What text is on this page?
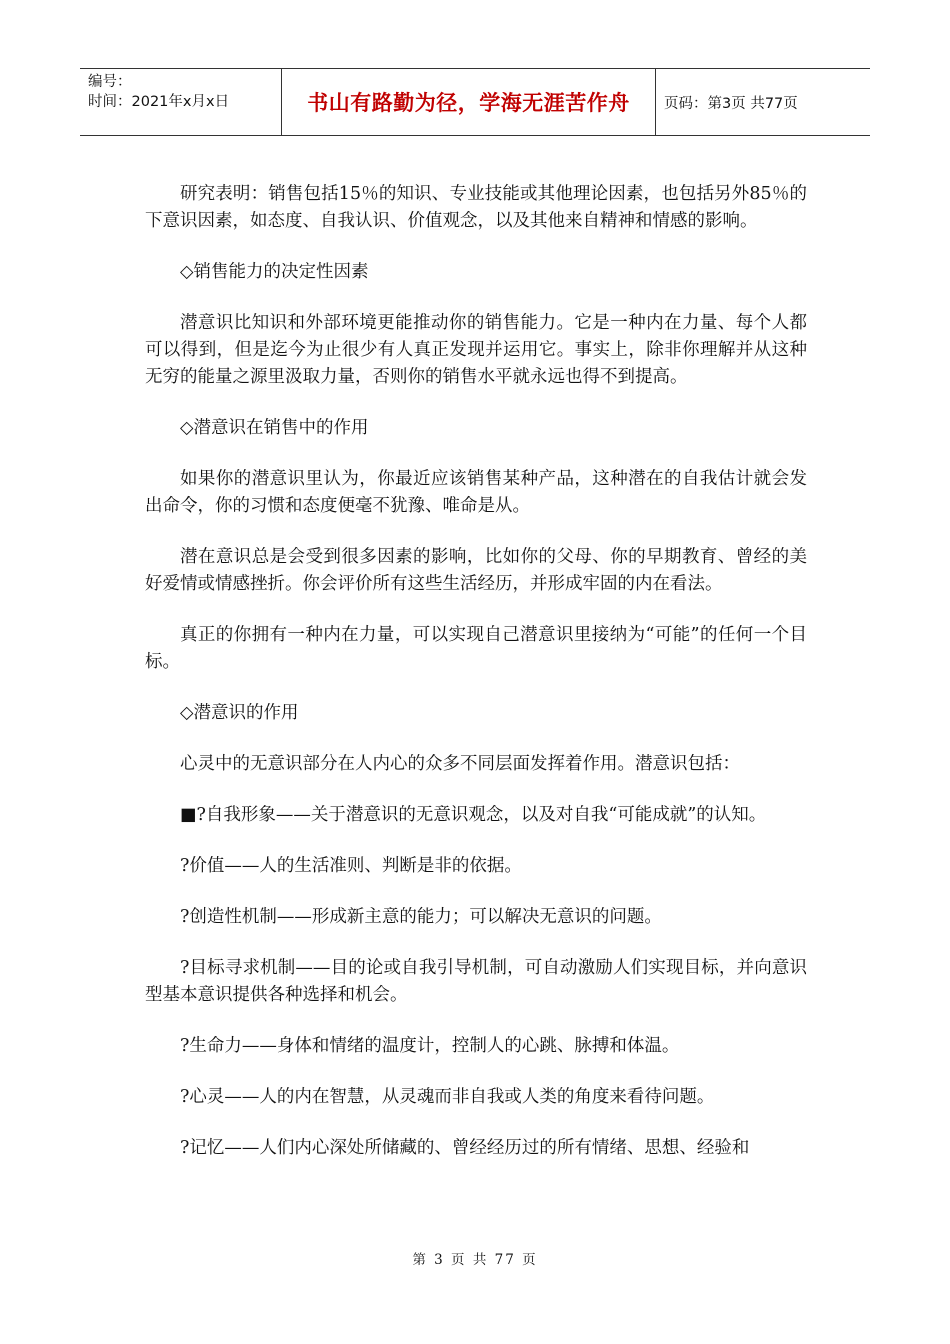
编号：
时间：2021年x月x日	书山有路勤为径，学海无涯苦作舟	页码：第3页 共77页

研究表明：销售包括15％的知识、专业技能或其他理论因素，也包括另外85％的下意识因素，如态度、自我认识、价值观念，以及其他来自精神和情感的影响。

◇销售能力的决定性因素

潜意识比知识和外部环境更能推动你的销售能力。它是一种内在力量、每个人都可以得到，但是迄今为止很少有人真正发现并运用它。事实上，除非你理解并从这种无穷的能量之源里汲取力量，否则你的销售水平就永远也得不到提高。

◇潜意识在销售中的作用

如果你的潜意识里认为，你最近应该销售某种产品，这种潜在的自我估计就会发出命令，你的习惯和态度便毫不犹豫、唯命是从。

潜在意识总是会受到很多因素的影响，比如你的父母、你的早期教育、曾经的美好爱情或情感挫折。你会评价所有这些生活经历，并形成牢固的内在看法。

真正的你拥有一种内在力量，可以实现自己潜意识里接纳为“可能”的任何一个目标。

◇潜意识的作用

心灵中的无意识部分在人内心的众多不同层面发挥着作用。潜意识包括：

■?自我形象——关于潜意识的无意识观念，以及对自我“可能成就”的认知。

?价值——人的生活准则、判断是非的依据。

?创造性机制——形成新主意的能力；可以解决无意识的问题。

?目标寻求机制——目的论或自我引导机制，可自动激励人们实现目标，并向意识型基本意识提供各种选择和机会。

?生命力——身体和情绪的温度计，控制人的心跳、脉搏和体温。

?心灵——人的内在智慧，从灵魂而非自我或人类的角度来看待问题。

?记忆——人们内心深处所储藏的、曾经经历过的所有情绪、思想、经验和

第 3 页 共 77 页
